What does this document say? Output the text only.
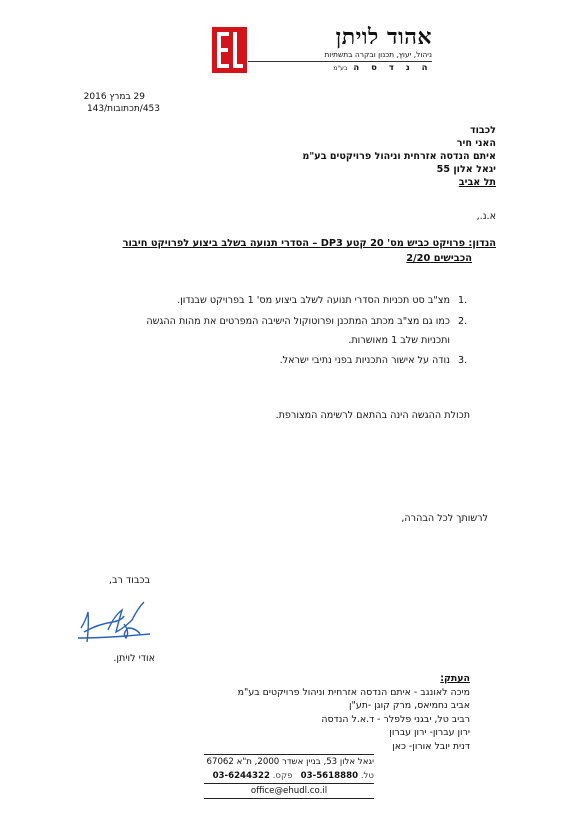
אהוד לויתן
ניהול, יעוץ, תכנון ובקרה בתשתיות
ה נ ד ס הבע"מ
29 במרץ 2016
453/תכתובות/143
לכבוד
האני חיר
איתם הנדסה אזרחית וניהול פרויקטים בע"מ
יגאל אלון 55
תל אביב
א.נ.,
הנדון: פרויקט כביש מס' 20 קטע DP3 – הסדרי תנועה בשלב ביצוע לפרויקט חיבור
הכבישים 2/20
1.
מצ"ב סט תכניות הסדרי תנועה לשלב ביצוע מס' 1 בפרויקט שבנדון.
2.
כמו גם מצ"ב מכתב המתכנן ופרוטוקול הישיבה המפרטים את מהות ההגשה
ותכניות שלב 1 מאושרות.
3.
נודה על אישור התכניות בפני נתיבי ישראל.
תכולת ההגשה הינה בהתאם לרשימה המצורפת.
לרשותך לכל הבהרה,
בכבוד רב,
אודי לויתן.
העתק:
מיכה לאונגב - איתם הנדסה אזרחית וניהול פרויקטים בע"מ
אביב נחמיאס, מרק קוגן -תע"ן
רביב טל, יבגני פלפלר - ד.א.ל הנדסה
ירון עברון- ירון עברון
דנית יובל אורון- כאן
יגאל אלון 53, בניין אשדר 2000, ת"א 67062
טל. 03-5618880   פקס. 03-6244322
office@ehudl.co.il
